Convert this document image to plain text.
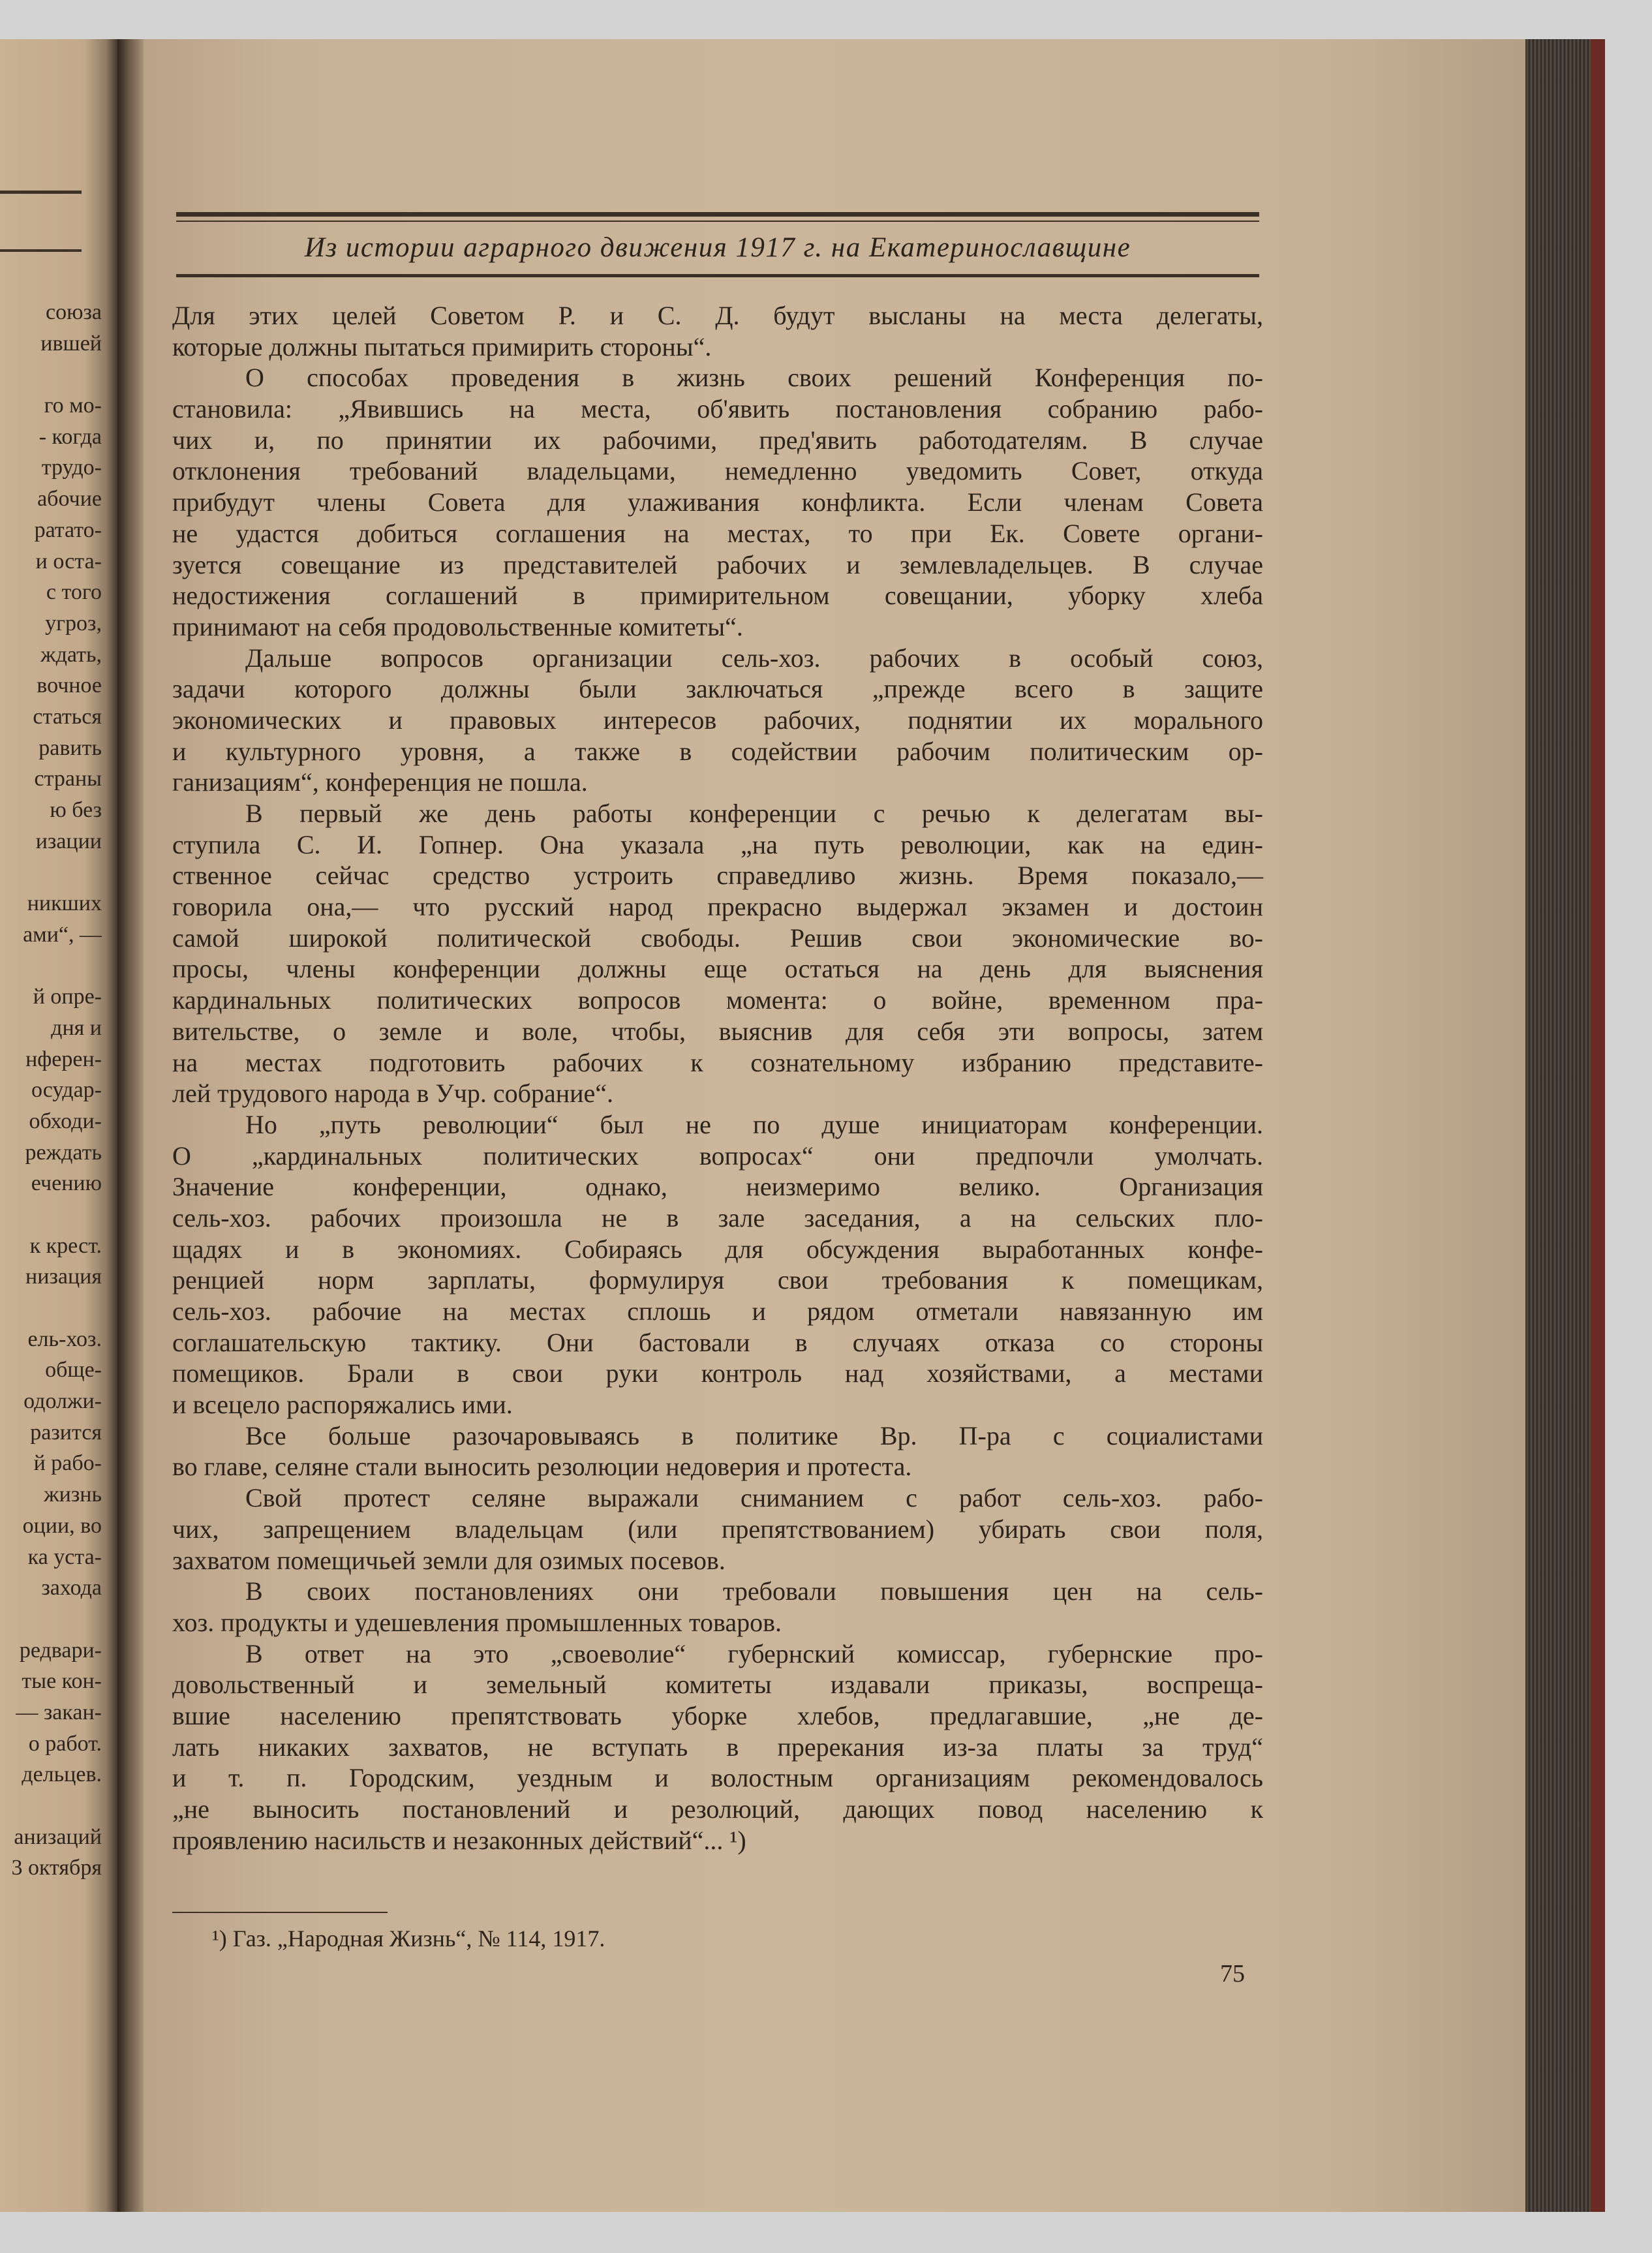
союза
ившей
го мо-
- когда
трудо-
абочие
ратато-
и оста-
с того
угроз,
ждать,
вочное
статься
равить
страны
ю без
изации
никших
ами“, —
й опре-
дня и
нферен-
осудар-
обходи-
реждать
ечению
к крест.
низация
ель-хоз.
обще-
одолжи-
разится
й рабо-
жизнь
оции, во
ка уста-
захода
редвари-
тые кон-
— закан-
о работ.
дельцев.
анизаций
3 октября
Из истории аграрного движения 1917 г. на Екатеринославщине
Для этих целей Советом Р. и С. Д. будут высланы на места делегаты,
которые должны пытаться примирить стороны“.
О способах проведения в жизнь своих решений Конференция по-
становила: „Явившись на места, об'явить постановления собранию рабо-
чих и, по принятии их рабочими, пред'явить работодателям. В случае
отклонения требований владельцами, немедленно уведомить Совет, откуда
прибудут члены Совета для улаживания конфликта. Если членам Совета
не удастся добиться соглашения на местах, то при Ек. Совете органи-
зуется совещание из представителей рабочих и землевладельцев. В случае
недостижения соглашений в примирительном совещании, уборку хлеба
принимают на себя продовольственные комитеты“.
Дальше вопросов организации сель-хоз. рабочих в особый союз,
задачи которого должны были заключаться „прежде всего в защите
экономических и правовых интересов рабочих, поднятии их морального
и культурного уровня, а также в содействии рабочим политическим ор-
ганизациям“, конференция не пошла.
В первый же день работы конференции с речью к делегатам вы-
ступила С. И. Гопнер. Она указала „на путь революции, как на един-
ственное сейчас средство устроить справедливо жизнь. Время показало,—
говорила она,— что русский народ прекрасно выдержал экзамен и достоин
самой широкой политической свободы. Решив свои экономические во-
просы, члены конференции должны еще остаться на день для выяснения
кардинальных политических вопросов момента: о войне, временном пра-
вительстве, о земле и воле, чтобы, выяснив для себя эти вопросы, затем
на местах подготовить рабочих к сознательному избранию представите-
лей трудового народа в Учр. собрание“.
Но „путь революции“ был не по душе инициаторам конференции.
О „кардинальных политических вопросах“ они предпочли умолчать.
Значение конференции, однако, неизмеримо велико. Организация
сель-хоз. рабочих произошла не в зале заседания, а на сельских пло-
щадях и в экономиях. Собираясь для обсуждения выработанных конфе-
ренцией норм зарплаты, формулируя свои требования к помещикам,
сель-хоз. рабочие на местах сплошь и рядом отметали навязанную им
соглашательскую тактику. Они бастовали в случаях отказа со стороны
помещиков. Брали в свои руки контроль над хозяйствами, а местами
и всецело распоряжались ими.
Все больше разочаровываясь в политике Вр. П-ра с социалистами
во главе, селяне стали выносить резолюции недоверия и протеста.
Свой протест селяне выражали сниманием с работ сель-хоз. рабо-
чих, запрещением владельцам (или препятствованием) убирать свои поля,
захватом помещичьей земли для озимых посевов.
В своих постановлениях они требовали повышения цен на сель-
хоз. продукты и удешевления промышленных товаров.
В ответ на это „своеволие“ губернский комиссар, губернские про-
довольственный и земельный комитеты издавали приказы, воспреща-
вшие населению препятствовать уборке хлебов, предлагавшие, „не де-
лать никаких захватов, не вступать в пререкания из-за платы за труд“
и т. п. Городским, уездным и волостным организациям рекомендовалось
„не выносить постановлений и резолюций, дающих повод населению к
проявлению насильств и незаконных действий“... ¹)
¹) Газ. „Народная Жизнь“, № 114, 1917.
75
